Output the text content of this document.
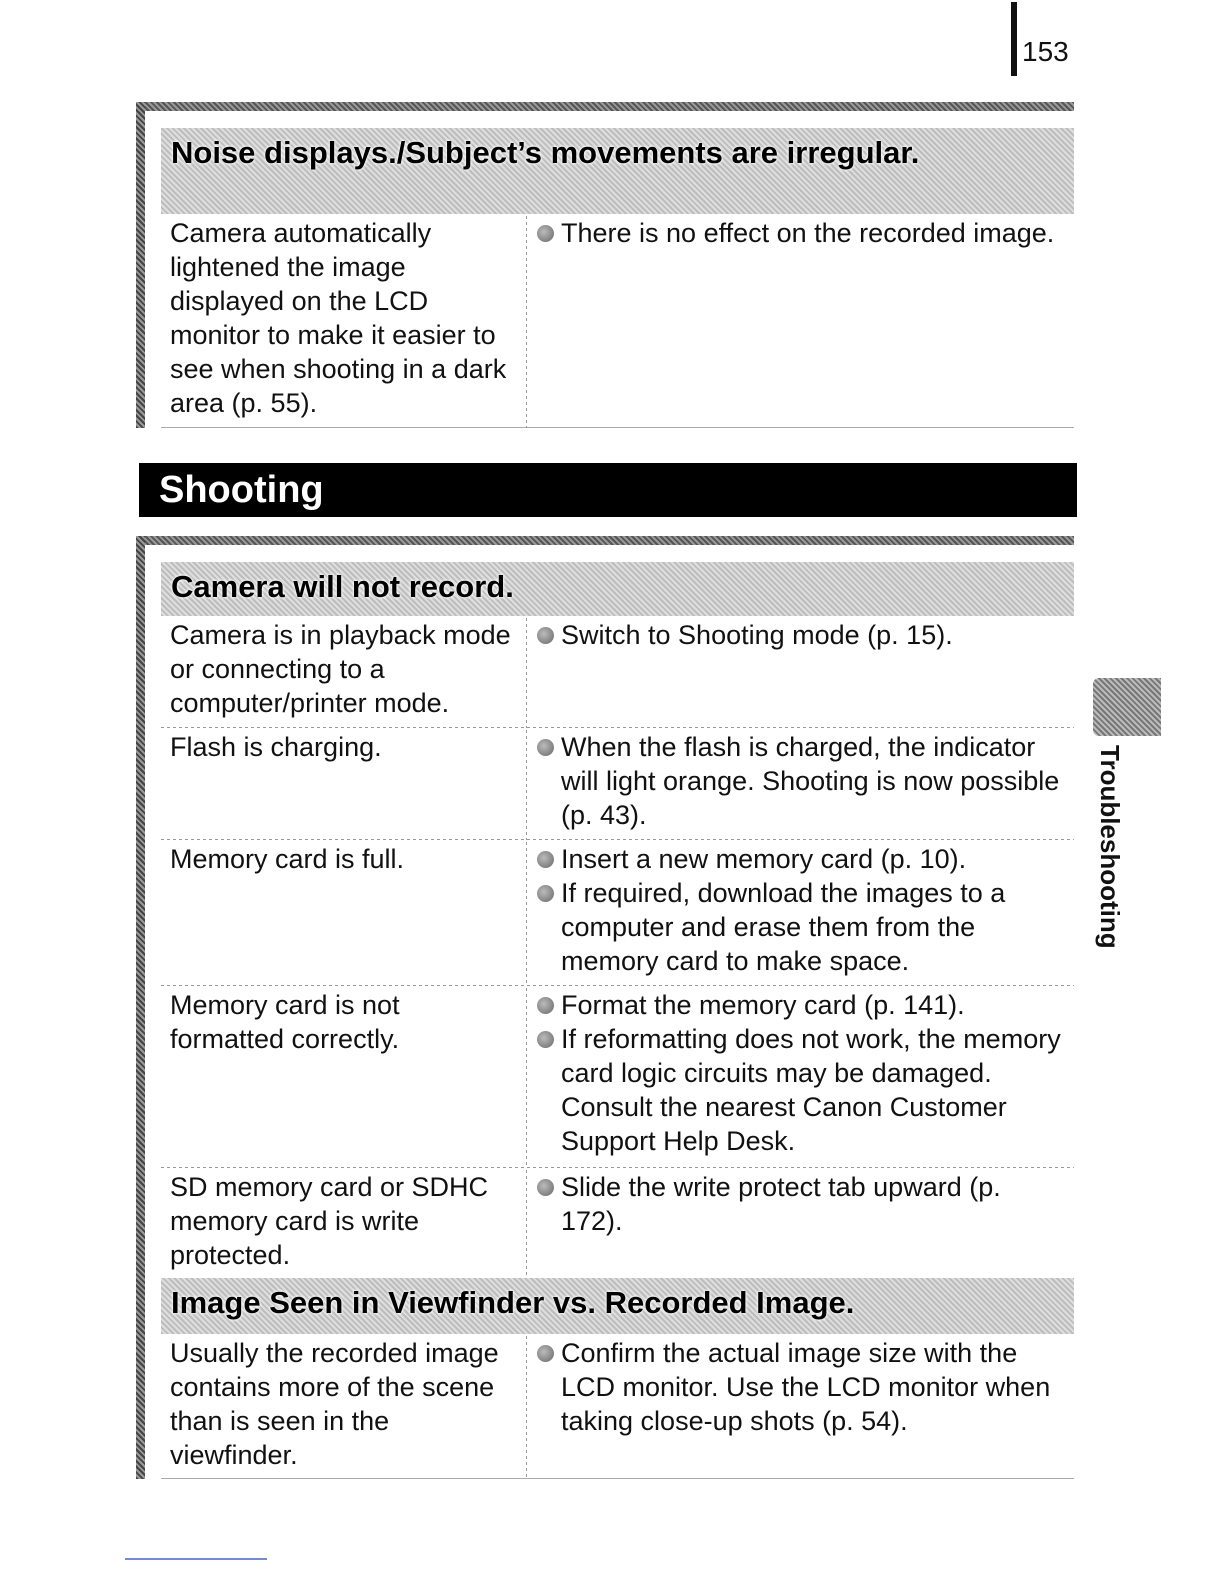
153
Noise displays./Subject’s movements are irregular.
Camera automatically lightened the image displayed on the LCD monitor to make it easier to see when shooting in a dark area (p. 55).
There is no effect on the recorded image.
Shooting
Camera will not record.
Camera is in playback mode or connecting to a computer/printer mode.
Switch to Shooting mode (p. 15).
Flash is charging.	When the flash is charged, the indicator will light orange. Shooting is now possible (p. 43).
Memory card is full.	Insert a new memory card (p. 10).
If required, download the images to a computer and erase them from the memory card to make space.
Memory card is not formatted correctly.
Format the memory card (p. 141).
If reformatting does not work, the memory card logic circuits may be damaged. Consult the nearest Canon Customer Support Help Desk.
SD memory card or SDHC memory card is write protected.
Slide the write protect tab upward (p. 172).
Image Seen in Viewfinder vs. Recorded Image.
Usually the recorded image contains more of the scene than is seen in the viewfinder.
Confirm the actual image size with the LCD monitor. Use the LCD monitor when taking close-up shots (p. 54).
Troubleshooting
